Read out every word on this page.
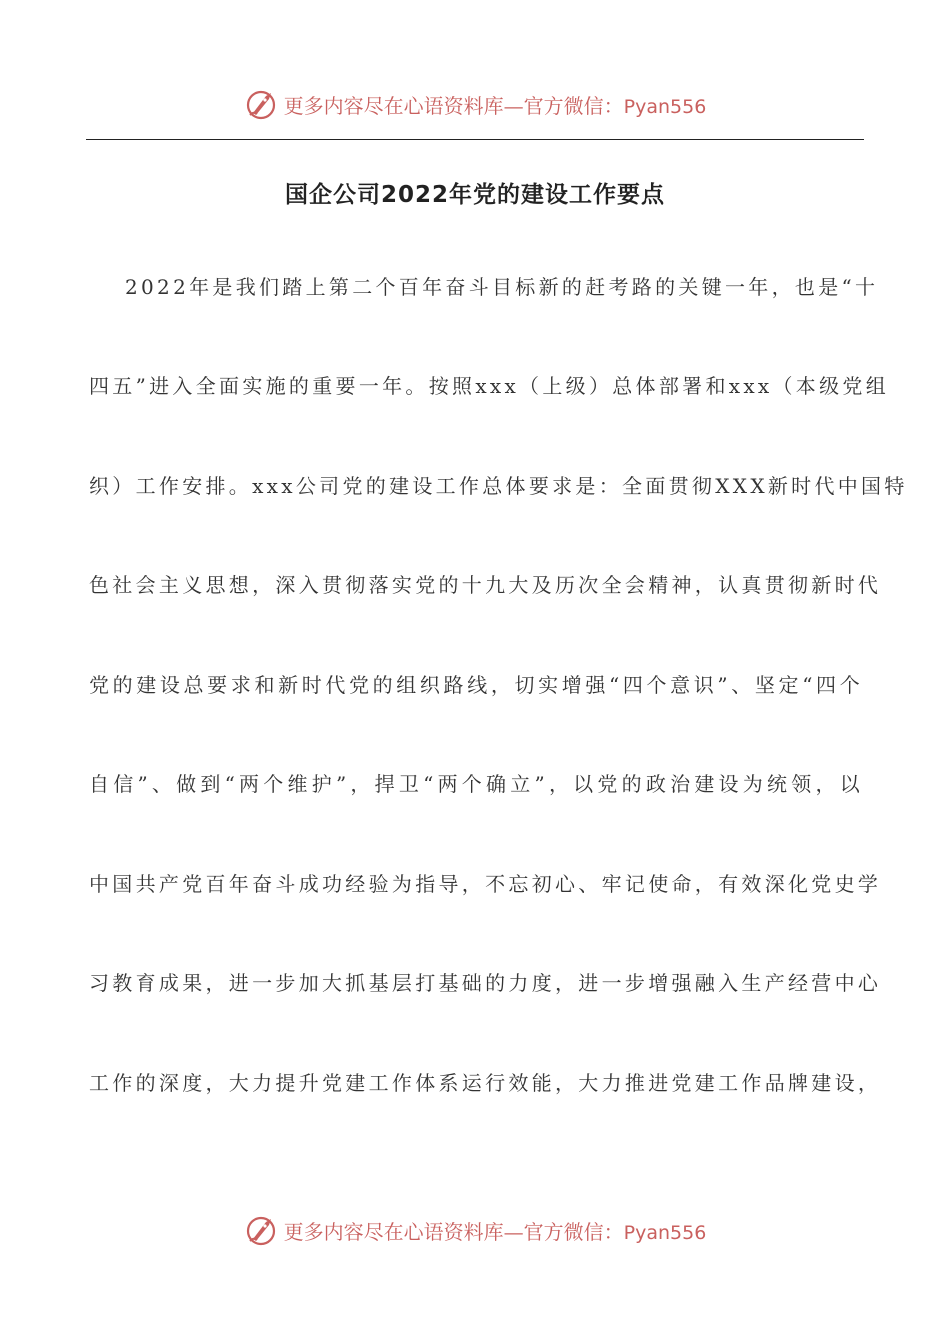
更多内容尽在心语资料库—官方微信：Pyan556
国企公司2022年党的建设工作要点
2022年是我们踏上第二个百年奋斗目标新的赶考路的关键一年，也是“十
四五”进入全面实施的重要一年。按照xxx（上级）总体部署和xxx（本级党组
织）工作安排。xxx公司党的建设工作总体要求是：全面贯彻XXX新时代中国特
色社会主义思想，深入贯彻落实党的十九大及历次全会精神，认真贯彻新时代
党的建设总要求和新时代党的组织路线，切实增强“四个意识”、坚定“四个
自信”、做到“两个维护”，捍卫“两个确立”，以党的政治建设为统领，以
中国共产党百年奋斗成功经验为指导，不忘初心、牢记使命，有效深化党史学
习教育成果，进一步加大抓基层打基础的力度，进一步增强融入生产经营中心
工作的深度，大力提升党建工作体系运行效能，大力推进党建工作品牌建设，
更多内容尽在心语资料库—官方微信：Pyan556
